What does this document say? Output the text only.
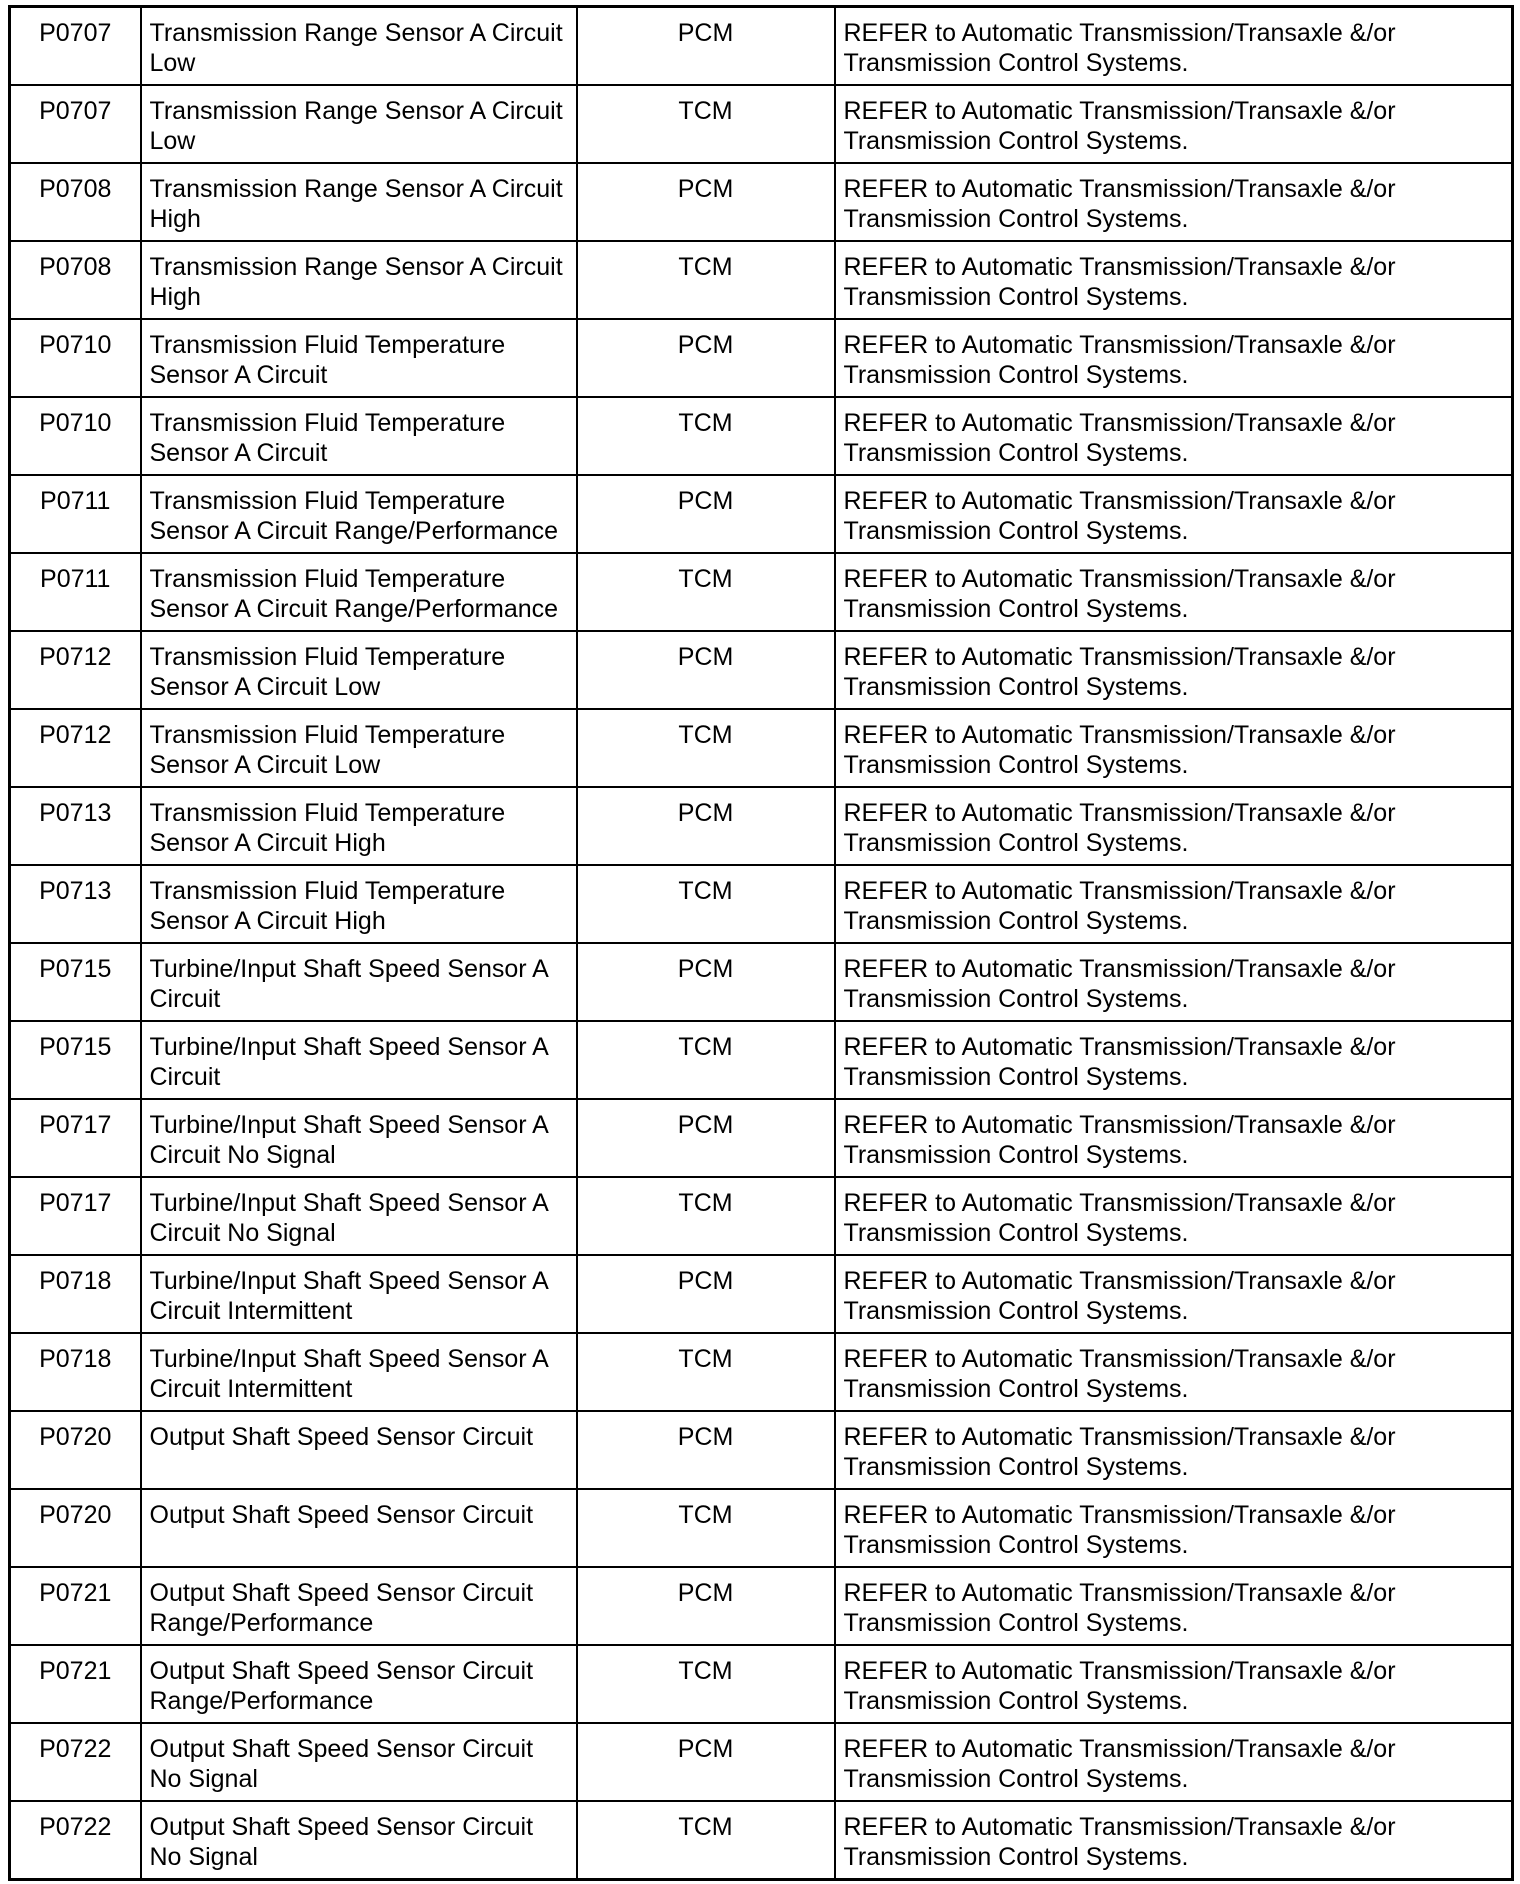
P0707	Transmission Range Sensor A Circuit Low	PCM	REFER to Automatic Transmission/Transaxle &/or Transmission Control Systems.
P0707	Transmission Range Sensor A Circuit Low	TCM	REFER to Automatic Transmission/Transaxle &/or Transmission Control Systems.
P0708	Transmission Range Sensor A Circuit High	PCM	REFER to Automatic Transmission/Transaxle &/or Transmission Control Systems.
P0708	Transmission Range Sensor A Circuit High	TCM	REFER to Automatic Transmission/Transaxle &/or Transmission Control Systems.
P0710	Transmission Fluid Temperature Sensor A Circuit	PCM	REFER to Automatic Transmission/Transaxle &/or Transmission Control Systems.
P0710	Transmission Fluid Temperature Sensor A Circuit	TCM	REFER to Automatic Transmission/Transaxle &/or Transmission Control Systems.
P0711	Transmission Fluid Temperature Sensor A Circuit Range/Performance	PCM	REFER to Automatic Transmission/Transaxle &/or Transmission Control Systems.
P0711	Transmission Fluid Temperature Sensor A Circuit Range/Performance	TCM	REFER to Automatic Transmission/Transaxle &/or Transmission Control Systems.
P0712	Transmission Fluid Temperature Sensor A Circuit Low	PCM	REFER to Automatic Transmission/Transaxle &/or Transmission Control Systems.
P0712	Transmission Fluid Temperature Sensor A Circuit Low	TCM	REFER to Automatic Transmission/Transaxle &/or Transmission Control Systems.
P0713	Transmission Fluid Temperature Sensor A Circuit High	PCM	REFER to Automatic Transmission/Transaxle &/or Transmission Control Systems.
P0713	Transmission Fluid Temperature Sensor A Circuit High	TCM	REFER to Automatic Transmission/Transaxle &/or Transmission Control Systems.
P0715	Turbine/Input Shaft Speed Sensor A Circuit	PCM	REFER to Automatic Transmission/Transaxle &/or Transmission Control Systems.
P0715	Turbine/Input Shaft Speed Sensor A Circuit	TCM	REFER to Automatic Transmission/Transaxle &/or Transmission Control Systems.
P0717	Turbine/Input Shaft Speed Sensor A Circuit No Signal	PCM	REFER to Automatic Transmission/Transaxle &/or Transmission Control Systems.
P0717	Turbine/Input Shaft Speed Sensor A Circuit No Signal	TCM	REFER to Automatic Transmission/Transaxle &/or Transmission Control Systems.
P0718	Turbine/Input Shaft Speed Sensor A Circuit Intermittent	PCM	REFER to Automatic Transmission/Transaxle &/or Transmission Control Systems.
P0718	Turbine/Input Shaft Speed Sensor A Circuit Intermittent	TCM	REFER to Automatic Transmission/Transaxle &/or Transmission Control Systems.
P0720	Output Shaft Speed Sensor Circuit	PCM	REFER to Automatic Transmission/Transaxle &/or Transmission Control Systems.
P0720	Output Shaft Speed Sensor Circuit	TCM	REFER to Automatic Transmission/Transaxle &/or Transmission Control Systems.
P0721	Output Shaft Speed Sensor Circuit Range/Performance	PCM	REFER to Automatic Transmission/Transaxle &/or Transmission Control Systems.
P0721	Output Shaft Speed Sensor Circuit Range/Performance	TCM	REFER to Automatic Transmission/Transaxle &/or Transmission Control Systems.
P0722	Output Shaft Speed Sensor Circuit No Signal	PCM	REFER to Automatic Transmission/Transaxle &/or Transmission Control Systems.
P0722	Output Shaft Speed Sensor Circuit No Signal	TCM	REFER to Automatic Transmission/Transaxle &/or Transmission Control Systems.
